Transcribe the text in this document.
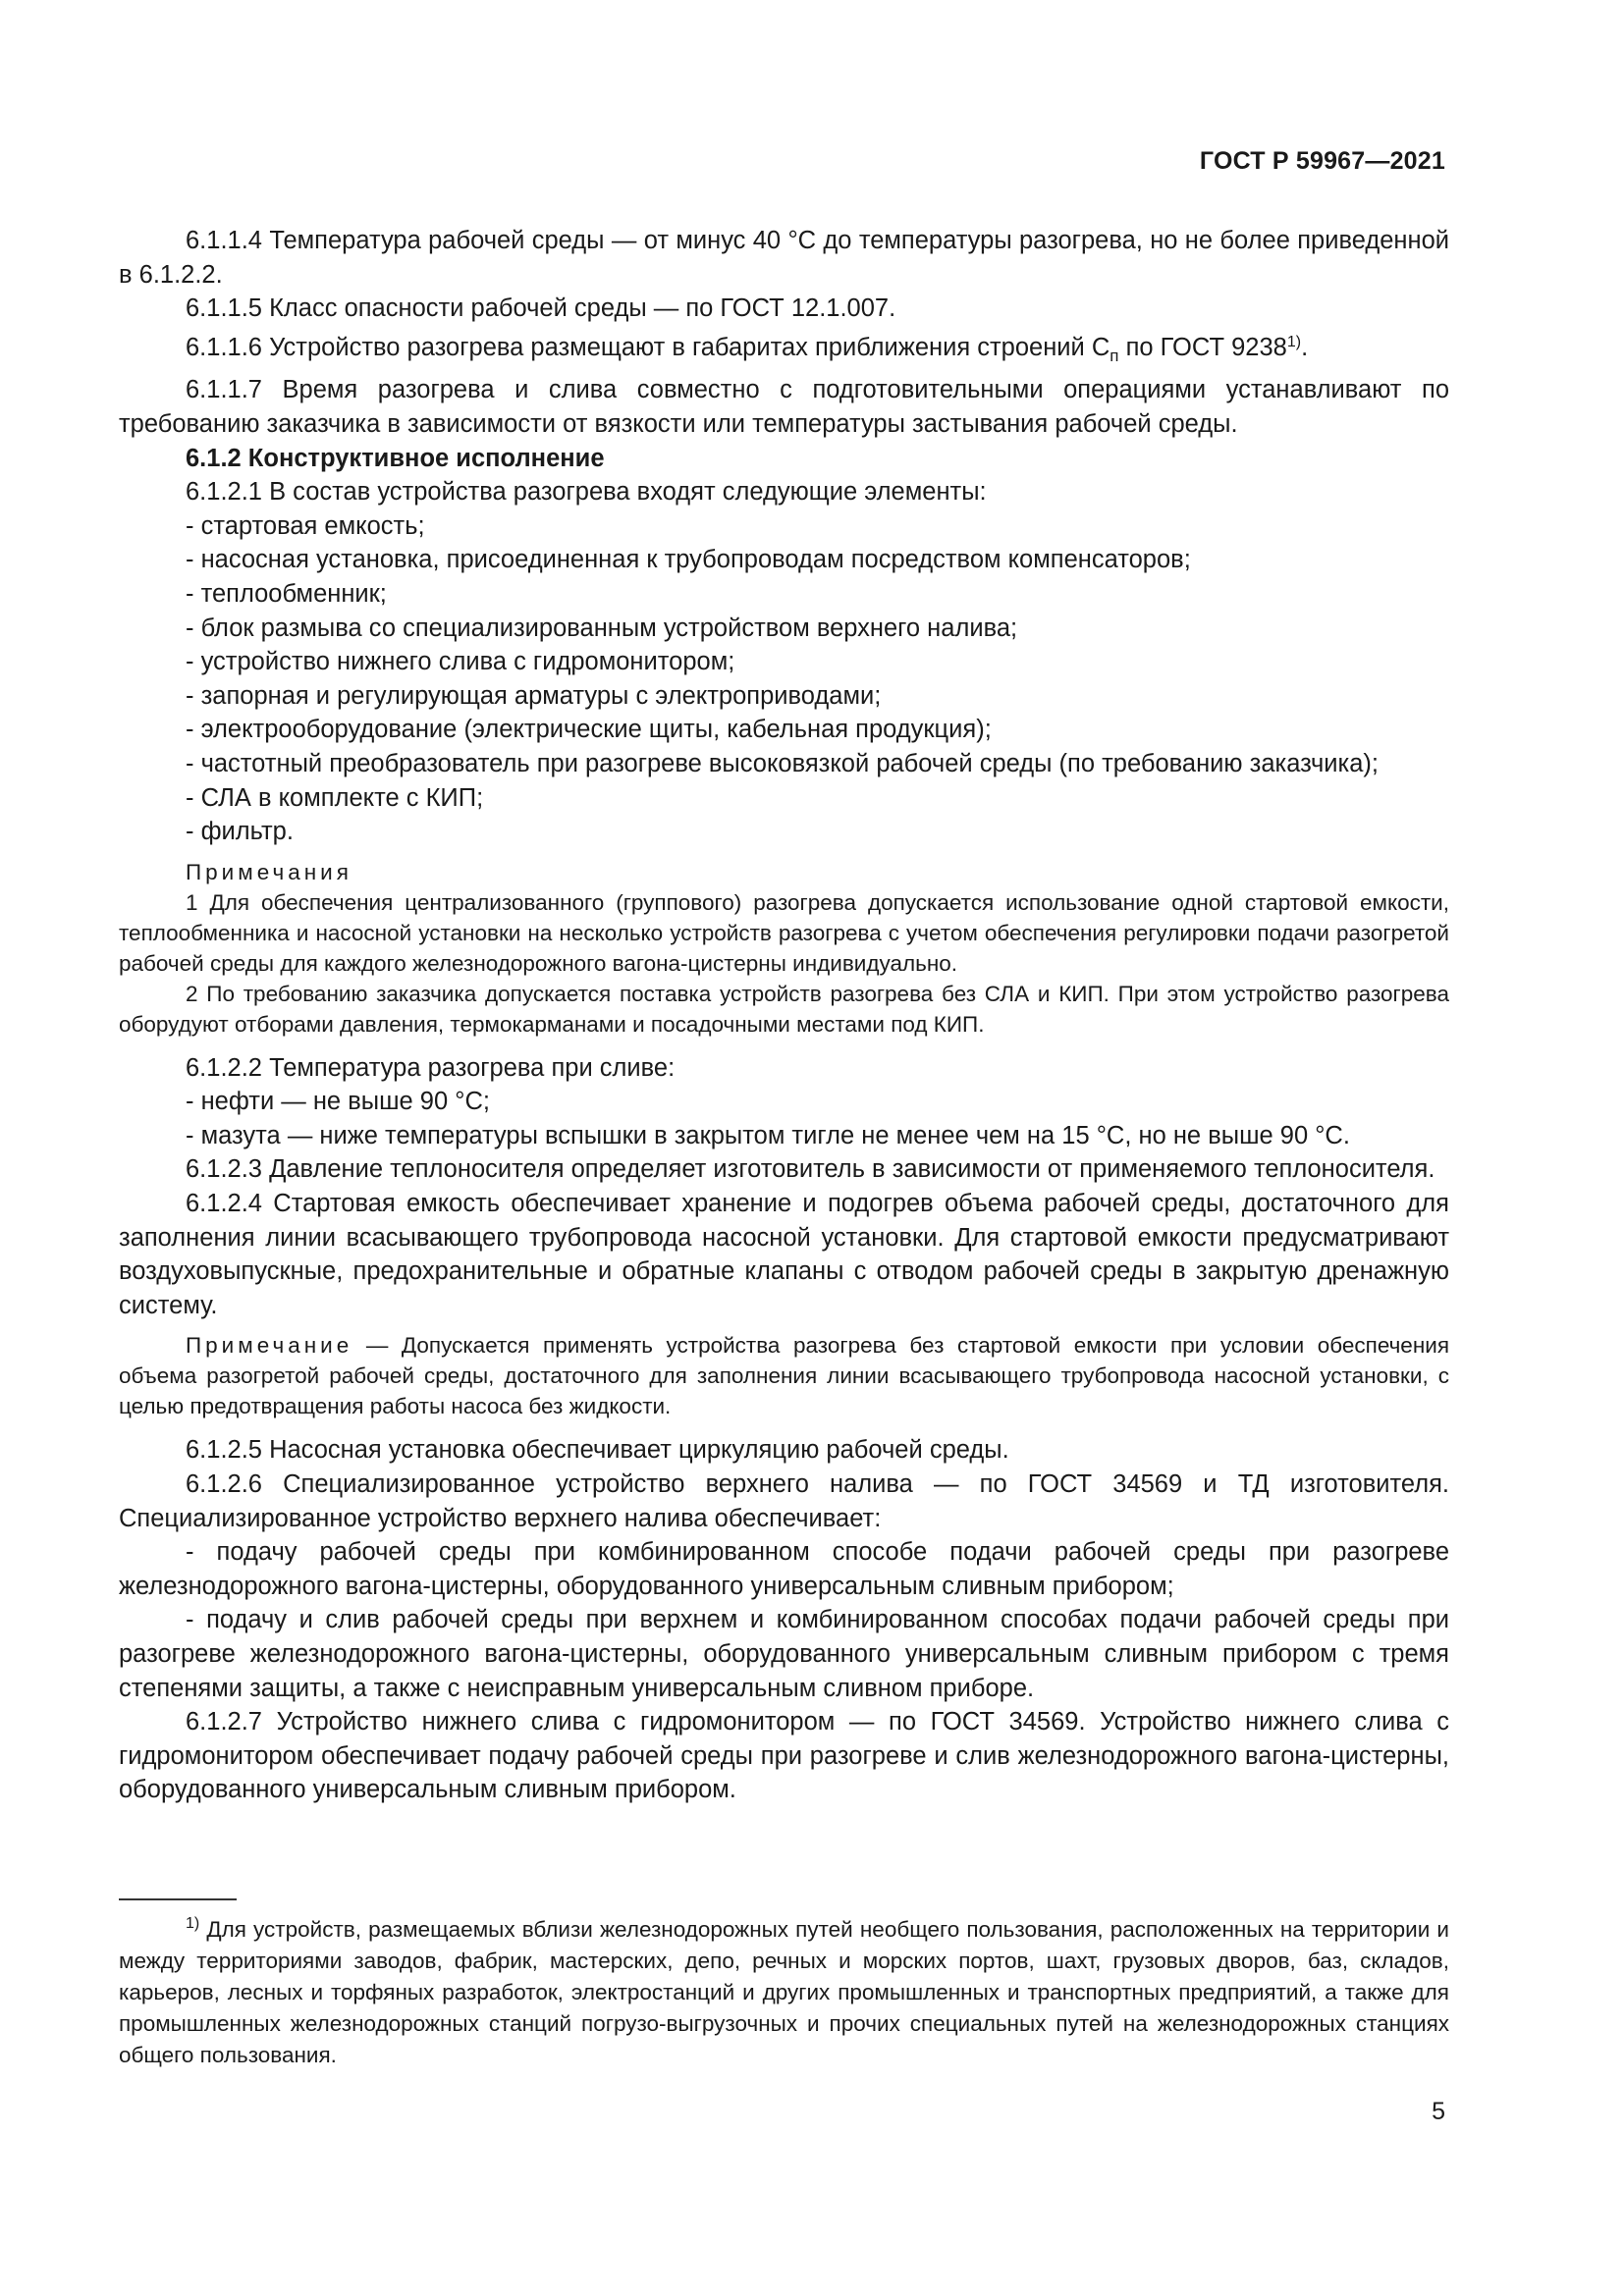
ГОСТ Р 59967—2021

6.1.1.4 Температура рабочей среды — от минус 40 °С до температуры разогрева, но не более приведенной в 6.1.2.2.

6.1.1.5 Класс опасности рабочей среды — по ГОСТ 12.1.007.

6.1.1.6 Устройство разогрева размещают в габаритах приближения строений $С_п$ по ГОСТ 9238$^{1)}$.

6.1.1.7 Время разогрева и слива совместно с подготовительными операциями устанавливают по требованию заказчика в зависимости от вязкости или температуры застывания рабочей среды.

6.1.2 Конструктивное исполнение

6.1.2.1 В состав устройства разогрева входят следующие элементы:

- стартовая емкость;

- насосная установка, присоединенная к трубопроводам посредством компенсаторов;

- теплообменник;

- блок размыва со специализированным устройством верхнего налива;

- устройство нижнего слива с гидромонитором;

- запорная и регулирующая арматуры с электроприводами;

- электрооборудование (электрические щиты, кабельная продукция);

- частотный преобразователь при разогреве высоковязкой рабочей среды (по требованию заказчика);

- СЛА в комплекте с КИП;

- фильтр.

Примечания

1 Для обеспечения централизованного (группового) разогрева допускается использование одной стартовой емкости, теплообменника и насосной установки на несколько устройств разогрева с учетом обеспечения регулировки подачи разогретой рабочей среды для каждого железнодорожного вагона-цистерны индивидуально.

2 По требованию заказчика допускается поставка устройств разогрева без СЛА и КИП. При этом устройство разогрева оборудуют отборами давления, термокарманами и посадочными местами под КИП.

6.1.2.2 Температура разогрева при сливе:

- нефти — не выше 90 °С;

- мазута — ниже температуры вспышки в закрытом тигле не менее чем на 15 °С, но не выше 90 °С.

6.1.2.3 Давление теплоносителя определяет изготовитель в зависимости от применяемого теплоносителя.

6.1.2.4 Стартовая емкость обеспечивает хранение и подогрев объема рабочей среды, достаточного для заполнения линии всасывающего трубопровода насосной установки. Для стартовой емкости предусматривают воздуховыпускные, предохранительные и обратные клапаны с отводом рабочей среды в закрытую дренажную систему.

Примечание — Допускается применять устройства разогрева без стартовой емкости при условии обеспечения объема разогретой рабочей среды, достаточного для заполнения линии всасывающего трубопровода насосной установки, с целью предотвращения работы насоса без жидкости.

6.1.2.5 Насосная установка обеспечивает циркуляцию рабочей среды.

6.1.2.6 Специализированное устройство верхнего налива — по ГОСТ 34569 и ТД изготовителя. Специализированное устройство верхнего налива обеспечивает:

- подачу рабочей среды при комбинированном способе подачи рабочей среды при разогреве железнодорожного вагона-цистерны, оборудованного универсальным сливным прибором;

- подачу и слив рабочей среды при верхнем и комбинированном способах подачи рабочей среды при разогреве железнодорожного вагона-цистерны, оборудованного универсальным сливным прибором с тремя степенями защиты, а также с неисправным универсальным сливном приборе.

6.1.2.7 Устройство нижнего слива с гидромонитором — по ГОСТ 34569. Устройство нижнего слива с гидромонитором обеспечивает подачу рабочей среды при разогреве и слив железнодорожного вагона-цистерны, оборудованного универсальным сливным прибором.

$^{1)}$ Для устройств, размещаемых вблизи железнодорожных путей необщего пользования, расположенных на территории и между территориями заводов, фабрик, мастерских, депо, речных и морских портов, шахт, грузовых дворов, баз, складов, карьеров, лесных и торфяных разработок, электростанций и других промышленных и транспортных предприятий, а также для промышленных железнодорожных станций погрузо-выгрузочных и прочих специальных путей на железнодорожных станциях общего пользования.

5
